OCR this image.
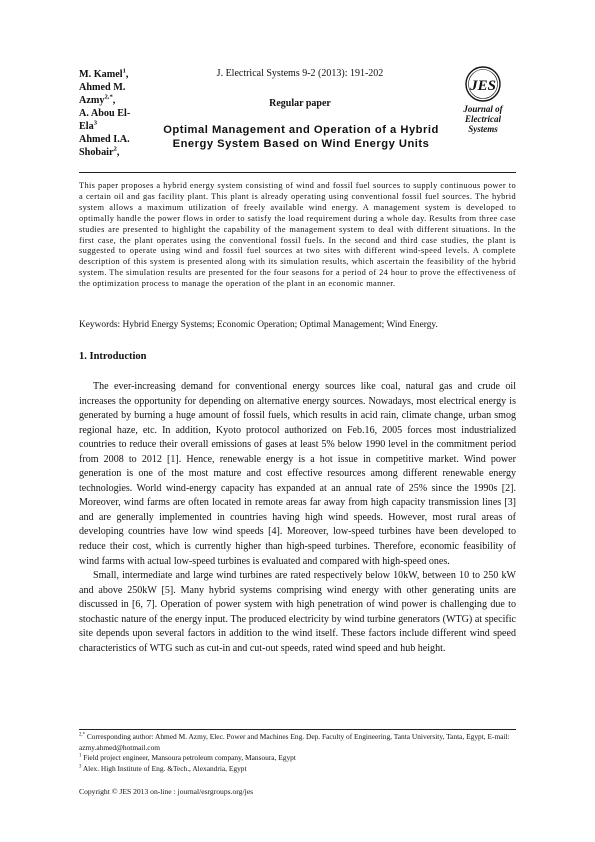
M. Kamel$^1$,
Ahmed M.
Azmy$^{2,*}$,
A. Abou El-
Ela$^3$
Ahmed I.A.
Shobair$^2$,
J. Electrical Systems 9-2 (2013): 191-202
Regular paper
Optimal Management and Operation of a Hybrid Energy System Based on Wind Energy Units
JES
Journal of
Electrical
Systems
This paper proposes a hybrid energy system consisting of wind and fossil fuel sources to supply continuous power to a certain oil and gas facility plant. This plant is already operating using conventional fossil fuel sources. The hybrid system allows a maximum utilization of freely available wind energy. A management system is developed to optimally handle the power flows in order to satisfy the load requirement during a whole day. Results from three case studies are presented to highlight the capability of the management system to deal with different situations. In the first case, the plant operates using the conventional fossil fuels. In the second and third case studies, the plant is suggested to operate using wind and fossil fuel sources at two sites with different wind-speed levels. A complete description of this system is presented along with its simulation results, which ascertain the feasibility of the hybrid system. The simulation results are presented for the four seasons for a period of 24 hour to prove the effectiveness of the optimization process to manage the operation of the plant in an economic manner.
Keywords: Hybrid Energy Systems; Economic Operation; Optimal Management; Wind Energy.
1. Introduction

The ever-increasing demand for conventional energy sources like coal, natural gas and crude oil increases the opportunity for depending on alternative energy sources. Nowadays, most electrical energy is generated by burning a huge amount of fossil fuels, which results in acid rain, climate change, urban smog regional haze, etc. In addition, Kyoto protocol authorized on Feb.16, 2005 forces most industrialized countries to reduce their overall emissions of gases at least 5% below 1990 level in the commitment period from 2008 to 2012 [1]. Hence, renewable energy is a hot issue in competitive market. Wind power generation is one of the most mature and cost effective resources among different renewable energy technologies. World wind-energy capacity has expanded at an annual rate of 25% since the 1990s [2]. Moreover, wind farms are often located in remote areas far away from high capacity transmission lines [3] and are generally implemented in countries having high wind speeds. However, most rural areas of developing countries have low wind speeds [4]. Moreover, low-speed turbines have been developed to reduce their cost, which is currently higher than high-speed turbines. Therefore, economic feasibility of wind farms with actual low-speed turbines is evaluated and compared with high-speed ones.

Small, intermediate and large wind turbines are rated respectively below 10kW, between 10 to 250 kW and above 250kW [5]. Many hybrid systems comprising wind energy with other generating units are discussed in [6, 7]. Operation of power system with high penetration of wind power is challenging due to stochastic nature of the energy input. The produced electricity by wind turbine generators (WTG) at specific site depends upon several factors in addition to the wind itself. These factors include different wind speed characteristics of WTG such as cut-in and cut-out speeds, rated wind speed and hub height.

$^{2,*}$ Corresponding author: Ahmed M. Azmy, Elec. Power and Machines Eng. Dep. Faculty of Engineering, Tanta University, Tanta, Egypt, E-mail: azmy.ahmed@hotmail.com
$^1$ Field project engineer, Mansoura petroleum company, Mansoura, Egypt
$^3$ Alex. High Institute of Eng. &Tech., Alexandria, Egypt
Copyright © JES 2013 on-line : journal/esrgroups.org/jes
